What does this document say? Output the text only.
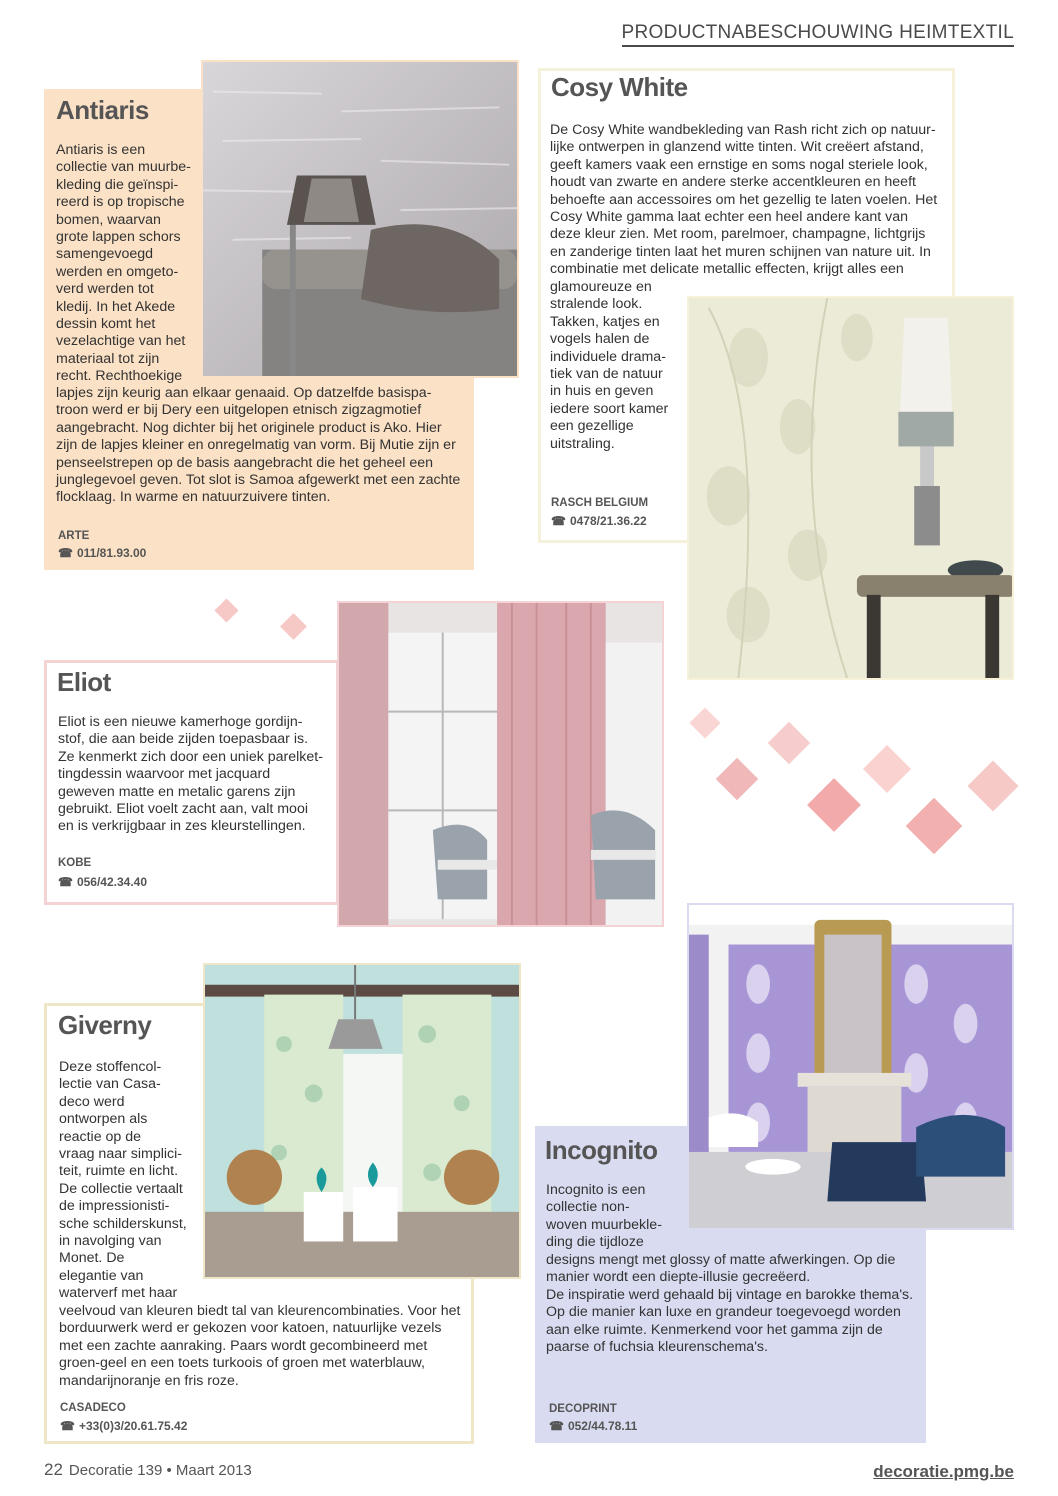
PRODUCTNABESCHOUWING HEIMTEXTIL
Antiaris
Antiaris is een
collectie van muurbe-
kleding die geïnspi-
reerd is op tropische
bomen, waarvan
grote lappen schors
samengevoegd
werden en omgeto-
verd werden tot
kledij. In het Akede
dessin komt het
vezelachtige van het
materiaal tot zijn
recht. Rechthoekige
lapjes zijn keurig aan elkaar genaaid. Op datzelfde basispa-
troon werd er bij Dery een uitgelopen etnisch zigzagmotief
aangebracht. Nog dichter bij het originele product is Ako. Hier
zijn de lapjes kleiner en onregelmatig van vorm. Bij Mutie zijn er
penseelstrepen op de basis aangebracht die het geheel een
junglegevoel geven. Tot slot is Samoa afgewerkt met een zachte
flocklaag. In warme en natuurzuivere tinten.
ARTE
☎ 011/81.93.00
Cosy White
De Cosy White wandbekleding van Rash richt zich op natuur-
lijke ontwerpen in glanzend witte tinten. Wit creëert afstand,
geeft kamers vaak een ernstige en soms nogal steriele look,
houdt van zwarte en andere sterke accentkleuren en heeft
behoefte aan accessoires om het gezellig te laten voelen. Het
Cosy White gamma laat echter een heel andere kant van
deze kleur zien. Met room, parelmoer, champagne, lichtgrijs
en zanderige tinten laat het muren schijnen van nature uit. In
combinatie met delicate metallic effecten, krijgt alles een
glamoureuze en
stralende look.
Takken, katjes en
vogels halen de
individuele drama-
tiek van de natuur
in huis en geven
iedere soort kamer
een gezellige
uitstraling.
RASCH BELGIUM
☎ 0478/21.36.22
Eliot
Eliot is een nieuwe kamerhoge gordijn-
stof, die aan beide zijden toepasbaar is.
Ze kenmerkt zich door een uniek parelket-
tingdessin waarvoor met jacquard
geweven matte en metalic garens zijn
gebruikt. Eliot voelt zacht aan, valt mooi
en is verkrijgbaar in zes kleurstellingen.
KOBE
☎ 056/42.34.40
Giverny
Deze stoffencol-
lectie van Casa-
deco werd
ontworpen als
reactie op de
vraag naar simplici-
teit, ruimte en licht.
De collectie vertaalt
de impressionisti-
sche schilderskunst,
in navolging van
Monet. De
elegantie van
waterverf met haar
veelvoud van kleuren biedt tal van kleurencombinaties. Voor het
borduurwerk werd er gekozen voor katoen, natuurlijke vezels
met een zachte aanraking. Paars wordt gecombineerd met
groen-geel en een toets turkoois of groen met waterblauw,
mandarijnoranje en fris roze.
CASADECO
☎ +33(0)3/20.61.75.42
Incognito
Incognito is een
collectie non-
woven muurbekle-
ding die tijdloze
designs mengt met glossy of matte afwerkingen. Op die
manier wordt een diepte-illusie gecreëerd.
De inspiratie werd gehaald bij vintage en barokke thema's.
Op die manier kan luxe en grandeur toegevoegd worden
aan elke ruimte. Kenmerkend voor het gamma zijn de
paarse of fuchsia kleurenschema's.
DECOPRINT
☎ 052/44.78.11
22 Decoratie 139 • Maart 2013	decoratie.pmg.be
